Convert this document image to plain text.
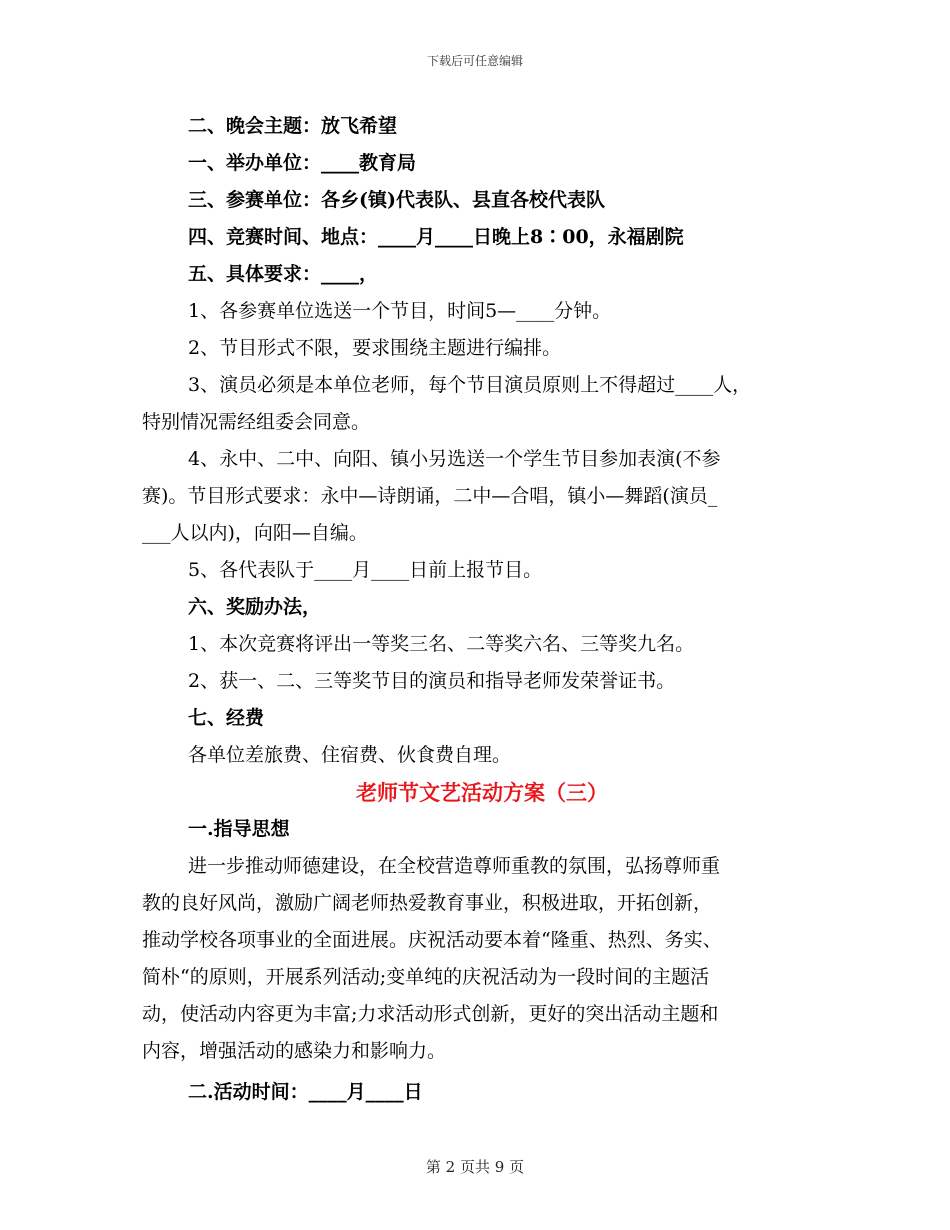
下载后可任意编辑

二、晚会主题：放飞希望

一、举办单位：____教育局

三、参赛单位：各乡(镇)代表队、县直各校代表队

四、竞赛时间、地点：____月____日晚上8∶00，永福剧院

五、具体要求：____，

1、各参赛单位选送一个节目，时间5—____分钟。

2、节目形式不限，要求围绕主题进行编排。

3、演员必须是本单位老师，每个节目演员原则上不得超过____人，

特别情况需经组委会同意。

4、永中、二中、向阳、镇小另选送一个学生节目参加表演(不参

赛)。节目形式要求：永中—诗朗诵，二中—合唱，镇小—舞蹈(演员_

___人以内)，向阳—自编。

5、各代表队于____月____日前上报节目。

六、奖励办法，

1、本次竞赛将评出一等奖三名、二等奖六名、三等奖九名。

2、获一、二、三等奖节目的演员和指导老师发荣誉证书。

七、经费

各单位差旅费、住宿费、伙食费自理。

老师节文艺活动方案（三）

一.指导思想

进一步推动师德建设，在全校营造尊师重教的氛围，弘扬尊师重

教的良好风尚，激励广阔老师热爱教育事业，积极进取，开拓创新，

推动学校各项事业的全面进展。庆祝活动要本着“隆重、热烈、务实、

简朴“的原则，开展系列活动;变单纯的庆祝活动为一段时间的主题活

动，使活动内容更为丰富;力求活动形式创新，更好的突出活动主题和

内容，增强活动的感染力和影响力。

二.活动时间：____月____日

第 2 页共 9 页
